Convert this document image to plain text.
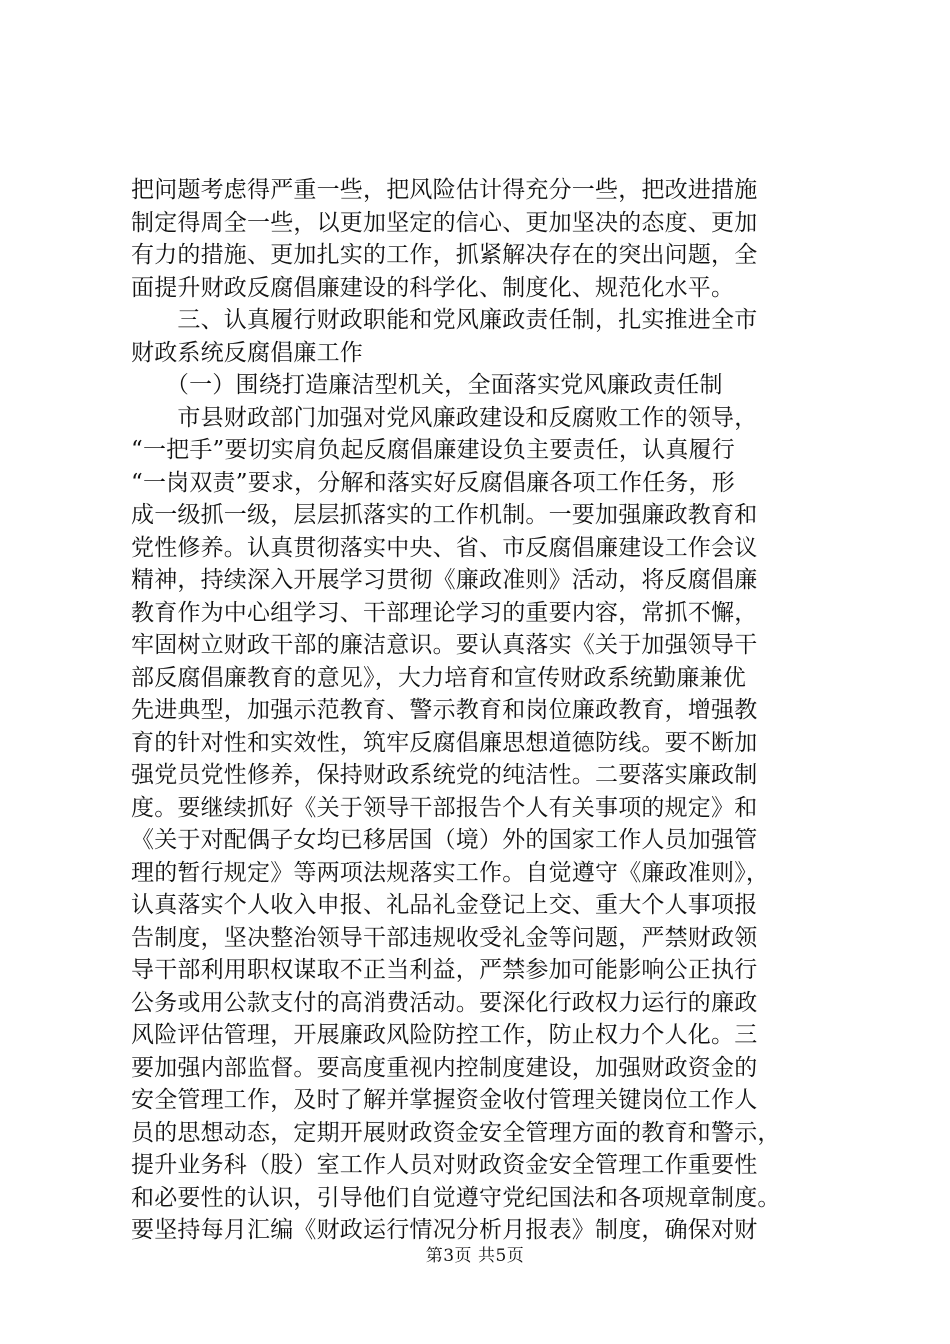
把问题考虑得严重一些，把风险估计得充分一些，把改进措施
制定得周全一些，以更加坚定的信心、更加坚决的态度、更加
有力的措施、更加扎实的工作，抓紧解决存在的突出问题，全
面提升财政反腐倡廉建设的科学化、制度化、规范化水平。
　　三、认真履行财政职能和党风廉政责任制，扎实推进全市
财政系统反腐倡廉工作
　　（一）围绕打造廉洁型机关，全面落实党风廉政责任制
　　市县财政部门加强对党风廉政建设和反腐败工作的领导，
“一把手”要切实肩负起反腐倡廉建设负主要责任，认真履行
“一岗双责”要求，分解和落实好反腐倡廉各项工作任务，形
成一级抓一级，层层抓落实的工作机制。一要加强廉政教育和
党性修养。认真贯彻落实中央、省、市反腐倡廉建设工作会议
精神，持续深入开展学习贯彻《廉政准则》活动，将反腐倡廉
教育作为中心组学习、干部理论学习的重要内容，常抓不懈，
牢固树立财政干部的廉洁意识。要认真落实《关于加强领导干
部反腐倡廉教育的意见》，大力培育和宣传财政系统勤廉兼优
先进典型，加强示范教育、警示教育和岗位廉政教育，增强教
育的针对性和实效性，筑牢反腐倡廉思想道德防线。要不断加
强党员党性修养，保持财政系统党的纯洁性。二要落实廉政制
度。要继续抓好《关于领导干部报告个人有关事项的规定》和
《关于对配偶子女均已移居国（境）外的国家工作人员加强管
理的暂行规定》等两项法规落实工作。自觉遵守《廉政准则》，
认真落实个人收入申报、礼品礼金登记上交、重大个人事项报
告制度，坚决整治领导干部违规收受礼金等问题，严禁财政领
导干部利用职权谋取不正当利益，严禁参加可能影响公正执行
公务或用公款支付的高消费活动。要深化行政权力运行的廉政
风险评估管理，开展廉政风险防控工作，防止权力个人化。三
要加强内部监督。要高度重视内控制度建设，加强财政资金的
安全管理工作，及时了解并掌握资金收付管理关键岗位工作人
员的思想动态，定期开展财政资金安全管理方面的教育和警示，
提升业务科（股）室工作人员对财政资金安全管理工作重要性
和必要性的认识，引导他们自觉遵守党纪国法和各项规章制度。
要坚持每月汇编《财政运行情况分析月报表》制度，确保对财
第3页 共5页
